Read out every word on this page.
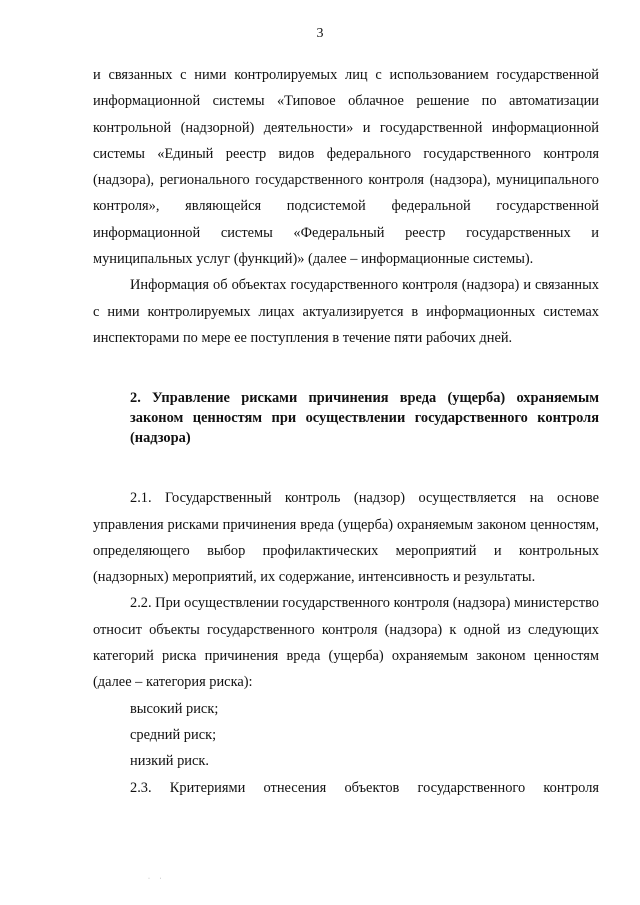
3

и связанных с ними контролируемых лиц с использованием государственной информационной системы «Типовое облачное решение по автоматизации контрольной (надзорной) деятельности» и государственной информационной системы «Единый реестр видов федерального государственного контроля (надзора), регионального государственного контроля (надзора), муниципального контроля», являющейся подсистемой федеральной государственной информационной системы «Федеральный реестр государственных и муниципальных услуг (функций)» (далее – информационные системы).

Информация об объектах государственного контроля (надзора) и связанных с ними контролируемых лицах актуализируется в информационных системах инспекторами по мере ее поступления в течение пяти рабочих дней.

2. Управление рисками причинения вреда (ущерба) охраняемым законом ценностям при осуществлении государственного контроля (надзора)

2.1. Государственный контроль (надзор) осуществляется на основе управления рисками причинения вреда (ущерба) охраняемым законом ценностям, определяющего выбор профилактических мероприятий и контрольных (надзорных) мероприятий, их содержание, интенсивность и результаты.

2.2. При осуществлении государственного контроля (надзора) министерство относит объекты государственного контроля (надзора) к одной из следующих категорий риска причинения вреда (ущерба) охраняемым законом ценностям (далее – категория риска):

высокий риск;

средний риск;

низкий риск.

2.3. Критериями отнесения объектов государственного контроля

· ·
